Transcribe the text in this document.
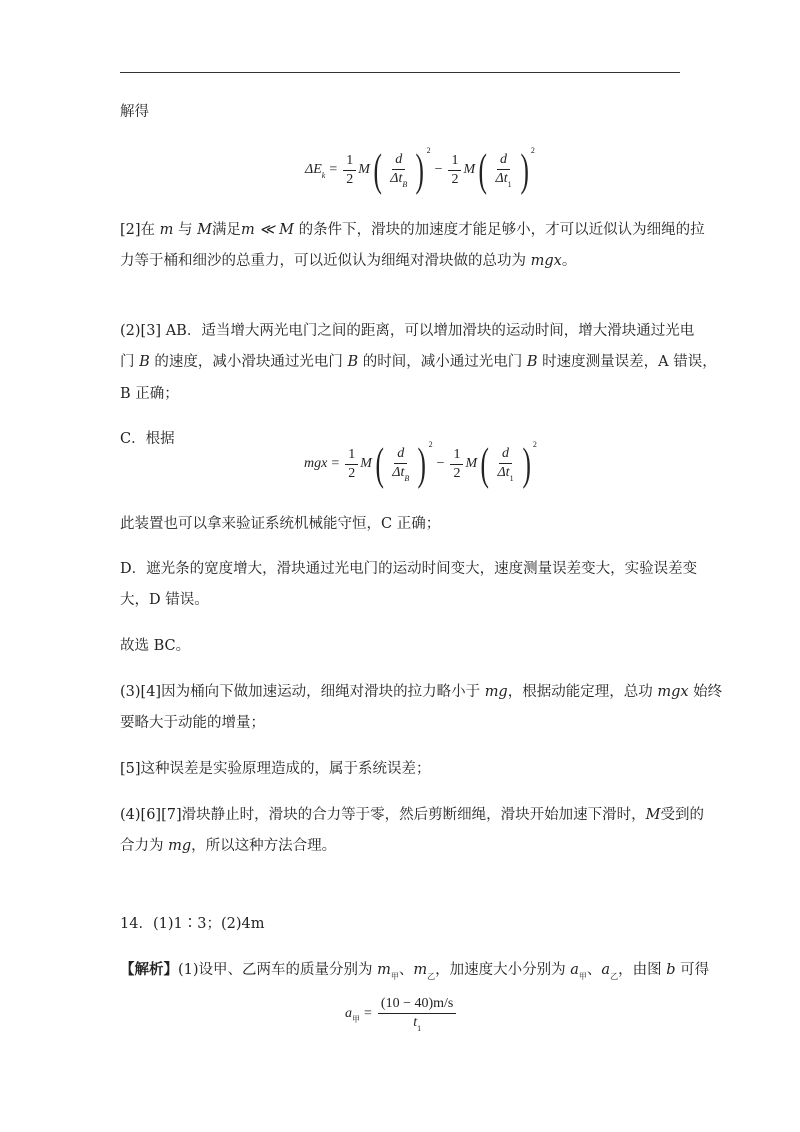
解得
ΔE $k = \frac{1}{2}$ M ( $\frac{d}{\Delta t_B}$ ) 2
− $\frac{1}{2}$ M ( $\frac{d}{\Delta t_1}$ ) 2
[2]在 m 与 M满足m ≪ M 的条件下，滑块的加速度才能足够小，才可以近似认为细绳的拉
力等于桶和细沙的总重力，可以近似认为细绳对滑块做的总功为 mgx。
(2)[3] AB．适当增大两光电门之间的距离，可以增加滑块的运动时间，增大滑块通过光电
门 B 的速度，减小滑块通过光电门 B 的时间，减小通过光电门 B 时速度测量误差，A 错误，
B 正确；
C．根据
mgx = $\frac{1}{2}$ M ( $\frac{d}{\Delta t_B}$ ) 2
− $\frac{1}{2}$ M ( $\frac{d}{\Delta t_1}$ ) 2
此装置也可以拿来验证系统机械能守恒，C 正确；
D．遮光条的宽度增大，滑块通过光电门的运动时间变大，速度测量误差变大，实验误差变
大，D 错误。
故选 BC。
(3)[4]因为桶向下做加速运动，细绳对滑块的拉力略小于 mg，根据动能定理，总功 mgx 始终
要略大于动能的增量；
[5]这种误差是实验原理造成的，属于系统误差；
(4)[6][7]滑块静止时，滑块的合力等于零，然后剪断细绳，滑块开始加速下滑时，M受到的
合力为 mg，所以这种方法合理。
14．(1)1∶3；(2)4m
【解析】(1)设甲、乙两车的质量分别为 $m_甲$、$m_乙$，加速度大小分别为 $a_甲$、$a_乙$，由图 b 可得
a 甲 = $\frac{(10 - 40)m/s}{t_1}$
